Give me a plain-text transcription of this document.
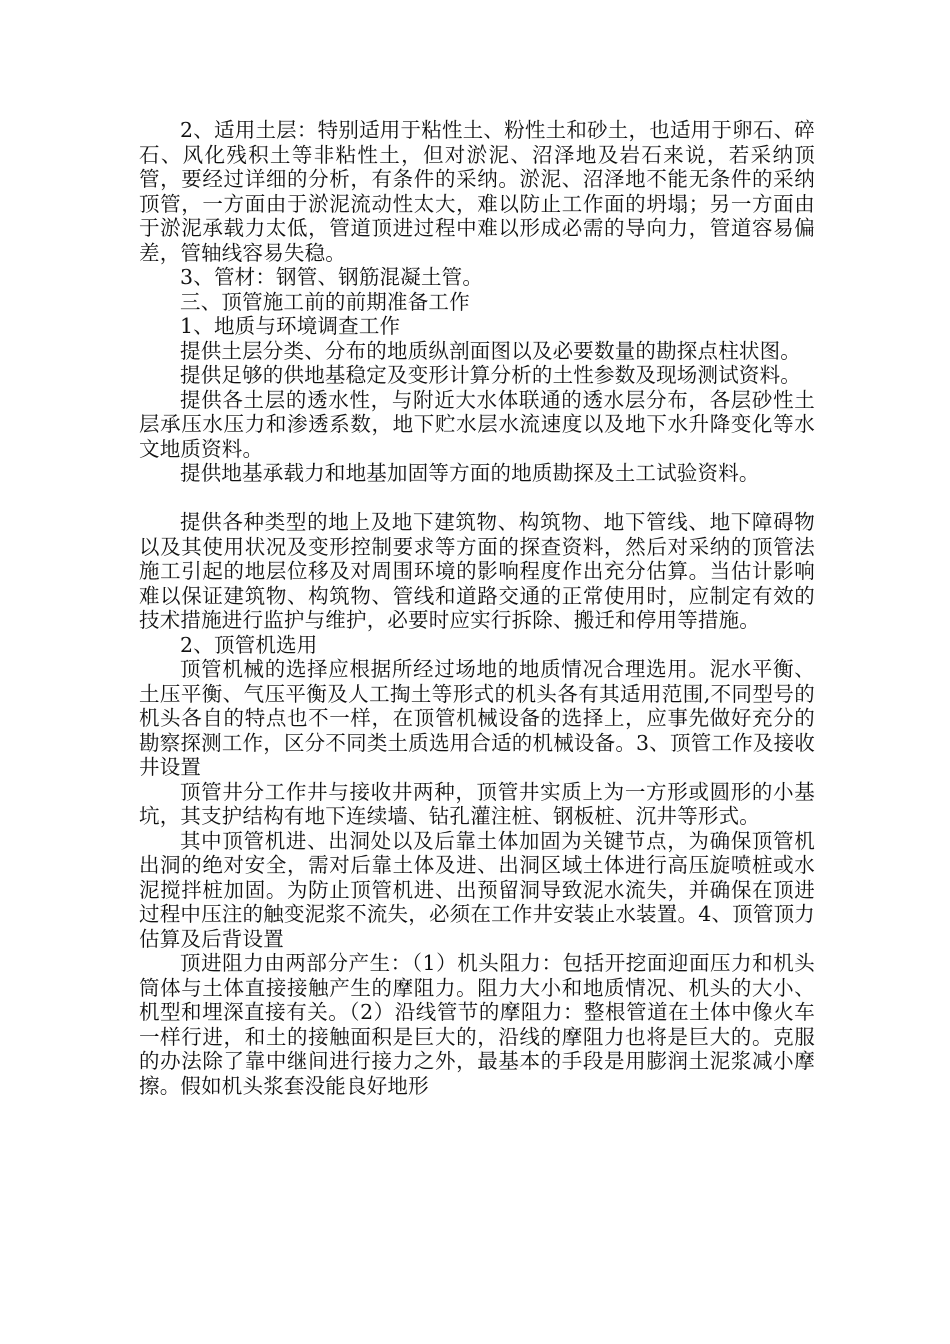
2、适用土层：特别适用于粘性土、粉性土和砂土，也适用于卵石、碎石、风化残积土等非粘性土，但对淤泥、沼泽地及岩石来说，若采纳顶管，要经过详细的分析，有条件的采纳。淤泥、沼泽地不能无条件的采纳顶管，一方面由于淤泥流动性太大，难以防止工作面的坍塌；另一方面由于淤泥承载力太低，管道顶进过程中难以形成必需的导向力，管道容易偏差，管轴线容易失稳。

3、管材：钢管、钢筋混凝土管。

三、顶管施工前的前期准备工作

1、地质与环境调查工作

提供土层分类、分布的地质纵剖面图以及必要数量的勘探点柱状图。

提供足够的供地基稳定及变形计算分析的土性参数及现场测试资料。

提供各土层的透水性，与附近大水体联通的透水层分布，各层砂性土层承压水压力和渗透系数，地下贮水层水流速度以及地下水升降变化等水文地质资料。

提供地基承载力和地基加固等方面的地质勘探及土工试验资料。

提供各种类型的地上及地下建筑物、构筑物、地下管线、地下障碍物以及其使用状况及变形控制要求等方面的探查资料，然后对采纳的顶管法施工引起的地层位移及对周围环境的影响程度作出充分估算。当估计影响难以保证建筑物、构筑物、管线和道路交通的正常使用时，应制定有效的技术措施进行监护与维护，必要时应实行拆除、搬迁和停用等措施。

2、顶管机选用

顶管机械的选择应根据所经过场地的地质情况合理选用。泥水平衡、土压平衡、气压平衡及人工掏土等形式的机头各有其适用范围,不同型号的机头各自的特点也不一样，在顶管机械设备的选择上，应事先做好充分的勘察探测工作，区分不同类土质选用合适的机械设备。3、顶管工作及接收井设置

顶管井分工作井与接收井两种，顶管井实质上为一方形或圆形的小基坑，其支护结构有地下连续墙、钻孔灌注桩、钢板桩、沉井等形式。

其中顶管机进、出洞处以及后靠土体加固为关键节点，为确保顶管机出洞的绝对安全，需对后靠土体及进、出洞区域土体进行高压旋喷桩或水泥搅拌桩加固。为防止顶管机进、出预留洞导致泥水流失，并确保在顶进过程中压注的触变泥浆不流失，必须在工作井安装止水装置。4、顶管顶力估算及后背设置

顶进阻力由两部分产生：（1）机头阻力：包括开挖面迎面压力和机头筒体与土体直接接触产生的摩阻力。阻力大小和地质情况、机头的大小、机型和埋深直接有关。（2）沿线管节的摩阻力：整根管道在土体中像火车一样行进，和土的接触面积是巨大的，沿线的摩阻力也将是巨大的。克服的办法除了靠中继间进行接力之外，最基本的手段是用膨润土泥浆减小摩擦。假如机头浆套没能良好地形
